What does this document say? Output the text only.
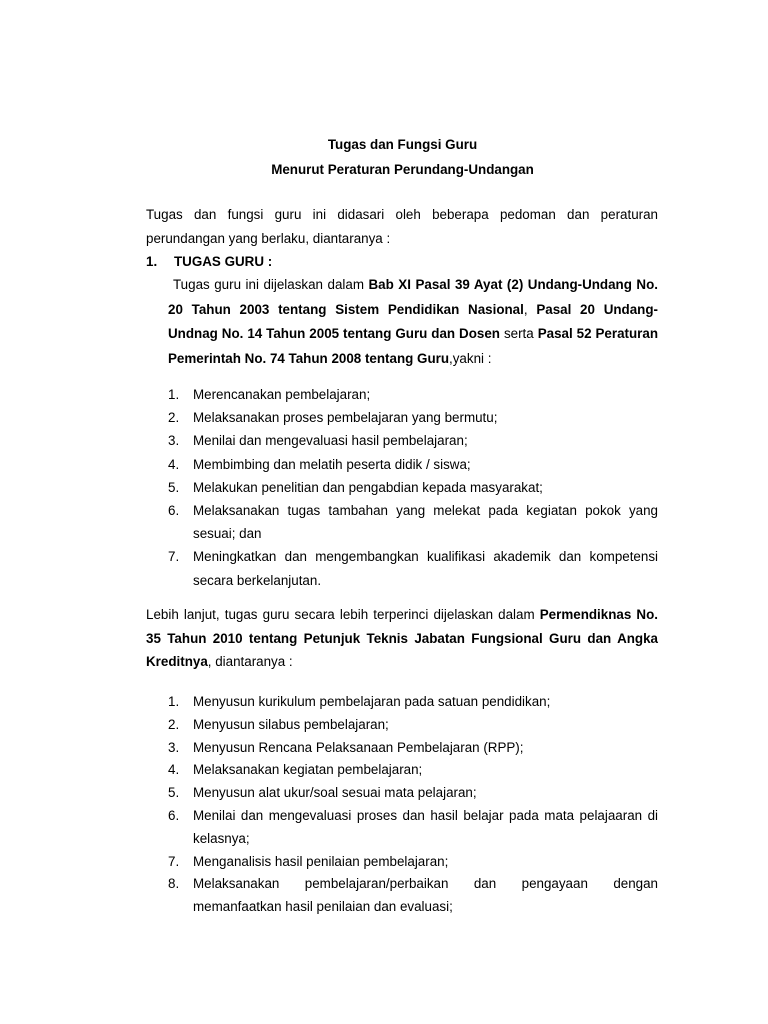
Tugas dan Fungsi Guru

Menurut Peraturan Perundang-Undangan

Tugas dan fungsi guru ini didasari oleh beberapa pedoman dan peraturan perundangan yang berlaku, diantaranya :

1. TUGAS GURU :

Tugas guru ini dijelaskan dalam Bab XI Pasal 39 Ayat (2) Undang-Undang No. 20 Tahun 2003 tentang Sistem Pendidikan Nasional, Pasal 20 Undang-Undnag No. 14 Tahun 2005 tentang Guru dan Dosen serta Pasal 52 Peraturan Pemerintah No. 74 Tahun 2008 tentang Guru,yakni :

1.	Merencanakan pembelajaran;
2.	Melaksanakan proses pembelajaran yang bermutu;
3.	Menilai dan mengevaluasi hasil pembelajaran;
4.	Membimbing dan melatih peserta didik / siswa;
5.	Melakukan penelitian dan pengabdian kepada masyarakat;
6.	Melaksanakan tugas tambahan yang melekat pada kegiatan pokok yang sesuai; dan
7.	Meningkatkan dan mengembangkan kualifikasi akademik dan kompetensi secara berkelanjutan.

Lebih lanjut, tugas guru secara lebih terperinci dijelaskan dalam Permendiknas No. 35 Tahun 2010 tentang Petunjuk Teknis Jabatan Fungsional Guru dan Angka Kreditnya, diantaranya :

1.	Menyusun kurikulum pembelajaran pada satuan pendidikan;
2.	Menyusun silabus pembelajaran;
3.	Menyusun Rencana Pelaksanaan Pembelajaran (RPP);
4.	Melaksanakan kegiatan pembelajaran;
5.	Menyusun alat ukur/soal sesuai mata pelajaran;
6.	Menilai dan mengevaluasi proses dan hasil belajar pada mata pelajaaran di kelasnya;
7.	Menganalisis hasil penilaian pembelajaran;
8.	Melaksanakan pembelajaran/perbaikan dan pengayaan dengan memanfaatkan hasil penilaian dan evaluasi;
